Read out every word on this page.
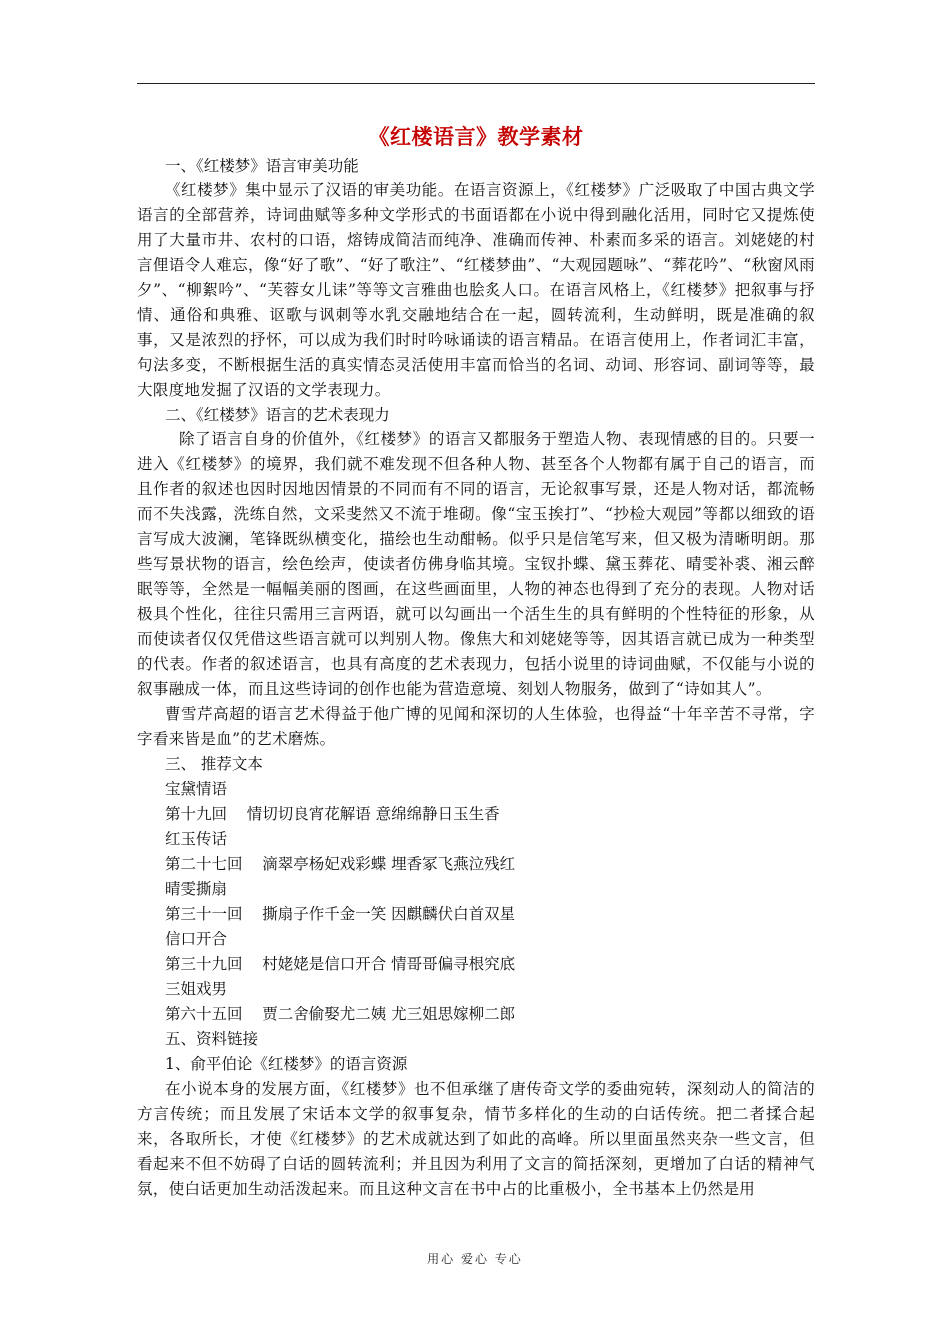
《红楼语言》教学素材

一、《红楼梦》语言审美功能

《红楼梦》集中显示了汉语的审美功能。在语言资源上，《红楼梦》广泛吸取了中国古典文学语言的全部营养，诗词曲赋等多种文学形式的书面语都在小说中得到融化活用，同时它又提炼使用了大量市井、农村的口语，熔铸成简洁而纯净、准确而传神、朴素而多采的语言。刘姥姥的村言俚语令人难忘，像“好了歌”、“好了歌注”、“红楼梦曲”、“大观园题咏”、“葬花吟”、“秋窗风雨夕”、“柳絮吟”、“芙蓉女儿诔”等等文言雅曲也脍炙人口。在语言风格上，《红楼梦》把叙事与抒情、通俗和典雅、讴歌与讽刺等水乳交融地结合在一起，圆转流利，生动鲜明，既是准确的叙事，又是浓烈的抒怀，可以成为我们时时吟咏诵读的语言精品。在语言使用上，作者词汇丰富，句法多变，不断根据生活的真实情态灵活使用丰富而恰当的名词、动词、形容词、副词等等，最大限度地发掘了汉语的文学表现力。

二、《红楼梦》语言的艺术表现力

除了语言自身的价值外，《红楼梦》的语言又都服务于塑造人物、表现情感的目的。只要一进入《红楼梦》的境界，我们就不难发现不但各种人物、甚至各个人物都有属于自己的语言，而且作者的叙述也因时因地因情景的不同而有不同的语言，无论叙事写景，还是人物对话，都流畅而不失浅露，洗练自然，文采斐然又不流于堆砌。像“宝玉挨打”、“抄检大观园”等都以细致的语言写成大波澜，笔锋既纵横变化，描绘也生动酣畅。似乎只是信笔写来，但又极为清晰明朗。那些写景状物的语言，绘色绘声，使读者仿佛身临其境。宝钗扑蝶、黛玉葬花、晴雯补裘、湘云醉眠等等，全然是一幅幅美丽的图画，在这些画面里，人物的神态也得到了充分的表现。人物对话极具个性化，往往只需用三言两语，就可以勾画出一个活生生的具有鲜明的个性特征的形象，从而使读者仅仅凭借这些语言就可以判别人物。像焦大和刘姥姥等等，因其语言就已成为一种类型的代表。作者的叙述语言，也具有高度的艺术表现力，包括小说里的诗词曲赋，不仅能与小说的叙事融成一体，而且这些诗词的创作也能为营造意境、刻划人物服务，做到了“诗如其人”。

曹雪芹高超的语言艺术得益于他广博的见闻和深切的人生体验，也得益“十年辛苦不寻常，字字看来皆是血”的艺术磨炼。

三、 推荐文本

宝黛情语

第十九回    情切切良宵花解语 意绵绵静日玉生香

红玉传话

第二十七回    滴翠亭杨妃戏彩蝶 埋香冢飞燕泣残红

晴雯撕扇

第三十一回    撕扇子作千金一笑 因麒麟伏白首双星

信口开合

第三十九回    村姥姥是信口开合 情哥哥偏寻根究底

三姐戏男

第六十五回    贾二舍偷娶尤二姨 尤三姐思嫁柳二郎

五、资料链接

1、俞平伯论《红楼梦》的语言资源

在小说本身的发展方面，《红楼梦》也不但承继了唐传奇文学的委曲宛转，深刻动人的简洁的方言传统；而且发展了宋话本文学的叙事复杂，情节多样化的生动的白话传统。把二者揉合起来，各取所长，才使《红楼梦》的艺术成就达到了如此的高峰。所以里面虽然夹杂一些文言，但看起来不但不妨碍了白话的圆转流利；并且因为利用了文言的简括深刻，更增加了白话的精神气氛，使白话更加生动活泼起来。而且这种文言在书中占的比重极小，全书基本上仍然是用

用心 爱心 专心
